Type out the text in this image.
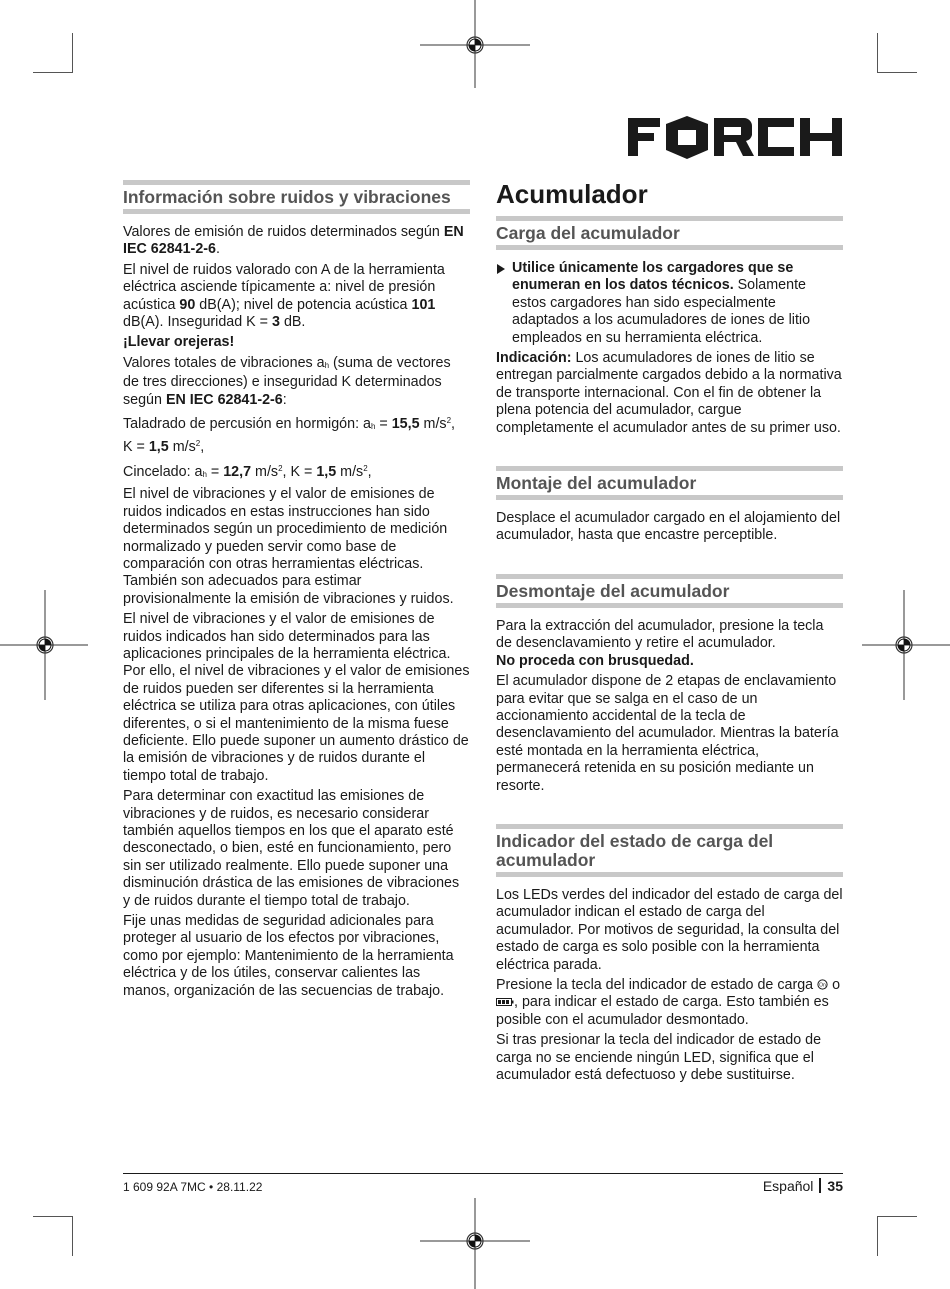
Información sobre ruidos y vibraciones

Valores de emisión de ruidos determinados según EN IEC 62841-2-6.

El nivel de ruidos valorado con A de la herramienta eléctrica asciende típicamente a: nivel de presión acústica 90 dB(A); nivel de potencia acústica 101 dB(A). Inseguridad K = 3 dB.

¡Llevar orejeras!

Valores totales de vibraciones ah (suma de vectores de tres direcciones) e inseguridad K determinados según EN IEC 62841-2-6:

Taladrado de percusión en hormigón: ah = 15,5 $m/s^2$,
K = 1,5 $m/s^2$,

Cincelado: ah = 12,7 $m/s^2$, K = 1,5 $m/s^2$,

El nivel de vibraciones y el valor de emisiones de ruidos indicados en estas instrucciones han sido determinados según un procedimiento de medición normalizado y pueden servir como base de comparación con otras herramientas eléctricas. También son adecuados para estimar provisionalmente la emisión de vibraciones y ruidos.

El nivel de vibraciones y el valor de emisiones de ruidos indicados han sido determinados para las aplicaciones principales de la herramienta eléctrica. Por ello, el nivel de vibraciones y el valor de emisiones de ruidos pueden ser diferentes si la herramienta eléctrica se utiliza para otras aplicaciones, con útiles diferentes, o si el mantenimiento de la misma fuese deficiente. Ello puede suponer un aumento drástico de la emisión de vibraciones y de ruidos durante el tiempo total de trabajo.

Para determinar con exactitud las emisiones de vibraciones y de ruidos, es necesario considerar también aquellos tiempos en los que el aparato esté desconectado, o bien, esté en funcionamiento, pero sin ser utilizado realmente. Ello puede suponer una disminución drástica de las emisiones de vibraciones y de ruidos durante el tiempo total de trabajo.

Fije unas medidas de seguridad adicionales para proteger al usuario de los efectos por vibraciones, como por ejemplo: Mantenimiento de la herramienta eléctrica y de los útiles, conservar calientes las manos, organización de las secuencias de trabajo.

Acumulador
Carga del acumulador

Utilice únicamente los cargadores que se enumeran en los datos técnicos. Solamente estos cargadores han sido especialmente adaptados a los acumuladores de iones de litio empleados en su herramienta eléctrica.

Indicación: Los acumuladores de iones de litio se entregan parcialmente cargados debido a la normativa de transporte internacional. Con el fin de obtener la plena potencia del acumulador, cargue completamente el acumulador antes de su primer uso.

Montaje del acumulador

Desplace el acumulador cargado en el alojamiento del acumulador, hasta que encastre perceptible.

Desmontaje del acumulador

Para la extracción del acumulador, presione la tecla de desenclavamiento y retire el acumulador.
No proceda con brusquedad.

El acumulador dispone de 2 etapas de enclavamiento para evitar que se salga en el caso de un accionamiento accidental de la tecla de desenclavamiento del acumulador. Mientras la batería esté montada en la herramienta eléctrica, permanecerá retenida en su posición mediante un resorte.

Indicador del estado de carga del acumulador

Los LEDs verdes del indicador del estado de carga del acumulador indican el estado de carga del acumulador. Por motivos de seguridad, la consulta del estado de carga es solo posible con la herramienta eléctrica parada.

Presione la tecla del indicador de estado de carga On o , para indicar el estado de carga. Esto también es posible con el acumulador desmontado.

Si tras presionar la tecla del indicador de estado de carga no se enciende ningún LED, significa que el acumulador está defectuoso y debe sustituirse.

1 609 92A 7MC • 28.11.22	Español 35
